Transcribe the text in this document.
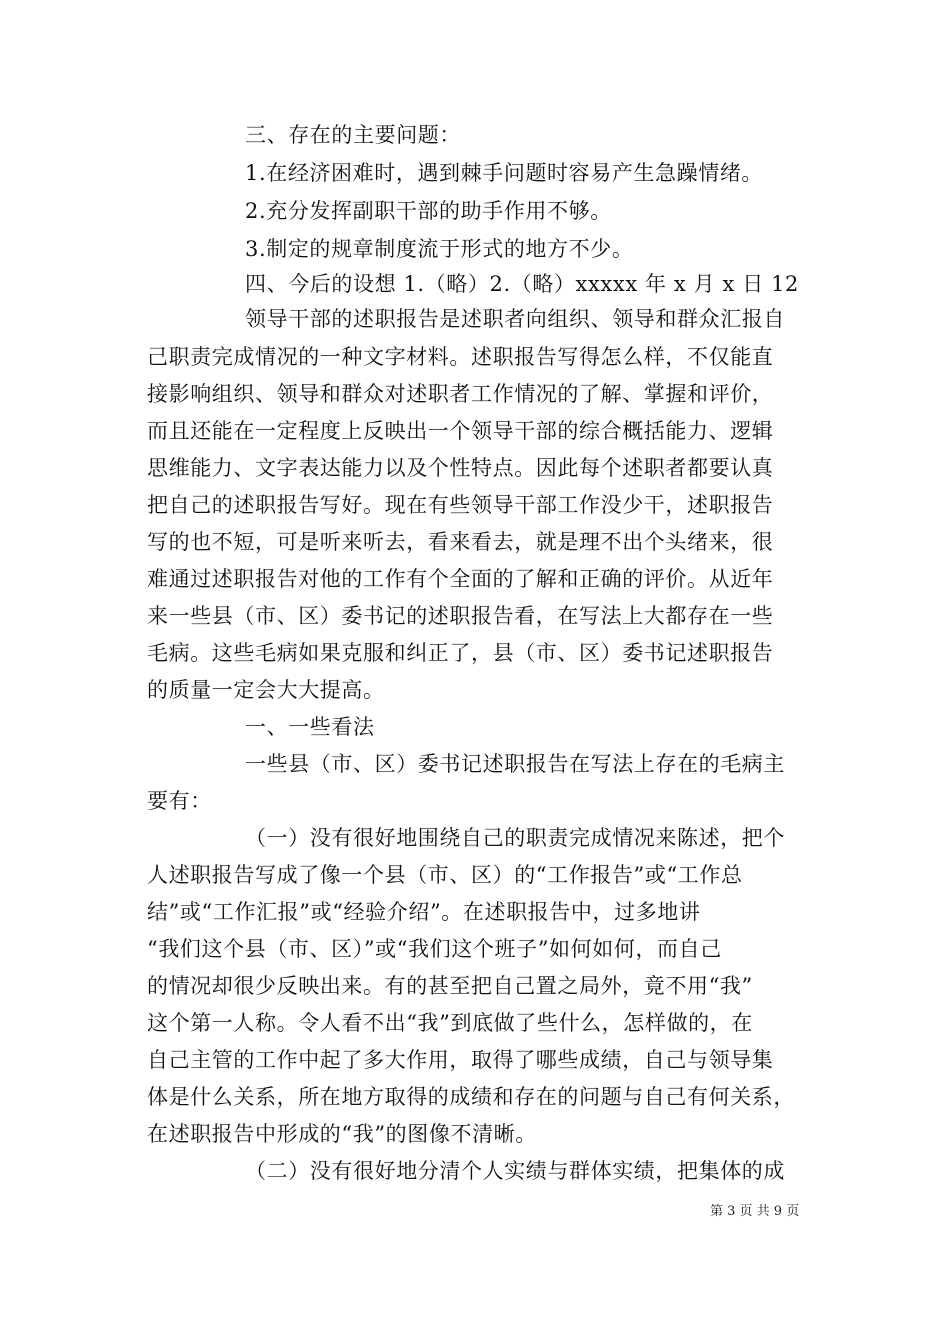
三、存在的主要问题：
1.在经济困难时，遇到棘手问题时容易产生急躁情绪。
2.充分发挥副职干部的助手作用不够。
3.制定的规章制度流于形式的地方不少。
四、今后的设想 1.（略）2.（略）xxxxx 年 x 月 x 日 12
领导干部的述职报告是述职者向组织、领导和群众汇报自
己职责完成情况的一种文字材料。述职报告写得怎么样，不仅能直
接影响组织、领导和群众对述职者工作情况的了解、掌握和评价，
而且还能在一定程度上反映出一个领导干部的综合概括能力、逻辑
思维能力、文字表达能力以及个性特点。因此每个述职者都要认真
把自己的述职报告写好。现在有些领导干部工作没少干，述职报告
写的也不短，可是听来听去，看来看去，就是理不出个头绪来，很
难通过述职报告对他的工作有个全面的了解和正确的评价。从近年
来一些县（市、区）委书记的述职报告看，在写法上大都存在一些
毛病。这些毛病如果克服和纠正了，县（市、区）委书记述职报告
的质量一定会大大提高。
一、一些看法
一些县（市、区）委书记述职报告在写法上存在的毛病主
要有：
（一）没有很好地围绕自己的职责完成情况来陈述，把个
人述职报告写成了像一个县（市、区）的“工作报告”或“工作总
结”或“工作汇报”或“经验介绍”。在述职报告中，过多地讲
“我们这个县（市、区）”或“我们这个班子”如何如何，而自己
的情况却很少反映出来。有的甚至把自己置之局外，竟不用“我”
这个第一人称。令人看不出“我”到底做了些什么，怎样做的，在
自己主管的工作中起了多大作用，取得了哪些成绩，自己与领导集
体是什么关系，所在地方取得的成绩和存在的问题与自己有何关系，
在述职报告中形成的“我”的图像不清晰。
（二）没有很好地分清个人实绩与群体实绩，把集体的成
第 3 页 共 9 页
